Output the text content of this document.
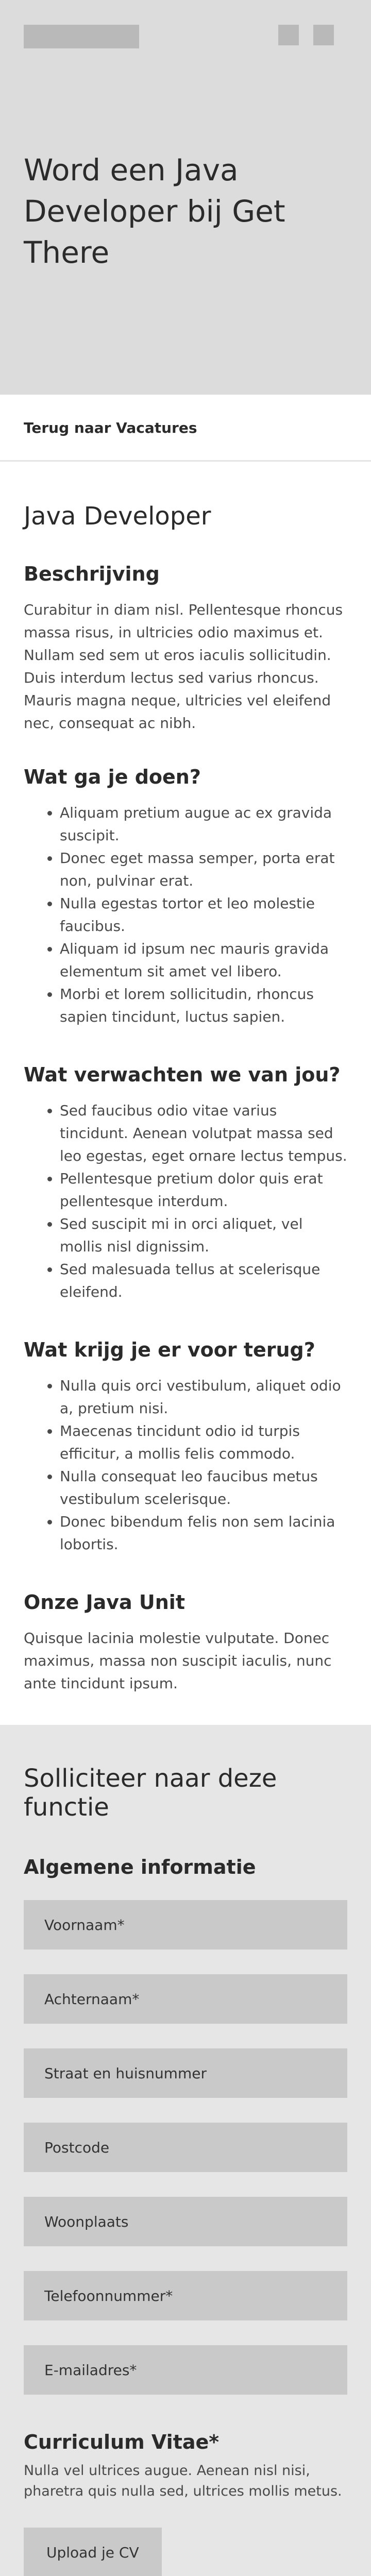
Word een Java Developer bij Get There
Terug naar Vacatures
Java Developer
Beschrijving

Curabitur in diam nisl. Pellentesque rhoncus massa risus, in ultricies odio maximus et. Nullam sed sem ut eros iaculis sollicitudin. Duis interdum lectus sed varius rhoncus. Mauris magna neque, ultricies vel eleifend nec, consequat ac nibh.

Wat ga je doen?
• Aliquam pretium augue ac ex gravida suscipit.
• Donec eget massa semper, porta erat non, pulvinar erat.
• Nulla egestas tortor et leo molestie faucibus.
• Aliquam id ipsum nec mauris gravida elementum sit amet vel libero.
• Morbi et lorem sollicitudin, rhoncus sapien tincidunt, luctus sapien.
Wat verwachten we van jou?
• Sed faucibus odio vitae varius tincidunt. Aenean volutpat massa sed leo egestas, eget ornare lectus tempus.
• Pellentesque pretium dolor quis erat pellentesque interdum.
• Sed suscipit mi in orci aliquet, vel mollis nisl dignissim.
• Sed malesuada tellus at scelerisque eleifend.
Wat krijg je er voor terug?
• Nulla quis orci vestibulum, aliquet odio a, pretium nisi.
• Maecenas tincidunt odio id turpis efficitur, a mollis felis commodo.
• Nulla consequat leo faucibus metus vestibulum scelerisque.
• Donec bibendum felis non sem lacinia lobortis.
Onze Java Unit

Quisque lacinia molestie vulputate. Donec maximus, massa non suscipit iaculis, nunc ante tincidunt ipsum.

Solliciteer naar deze functie
Algemene informatie
Voornaam*
Achternaam*
Straat en huisnummer
Postcode
Woonplaats
Telefoonnummer*
E-mailadres*
Curriculum Vitae*

Nulla vel ultrices augue. Aenean nisl nisi, pharetra quis nulla sed, ultrices mollis metus.

Upload je CV
